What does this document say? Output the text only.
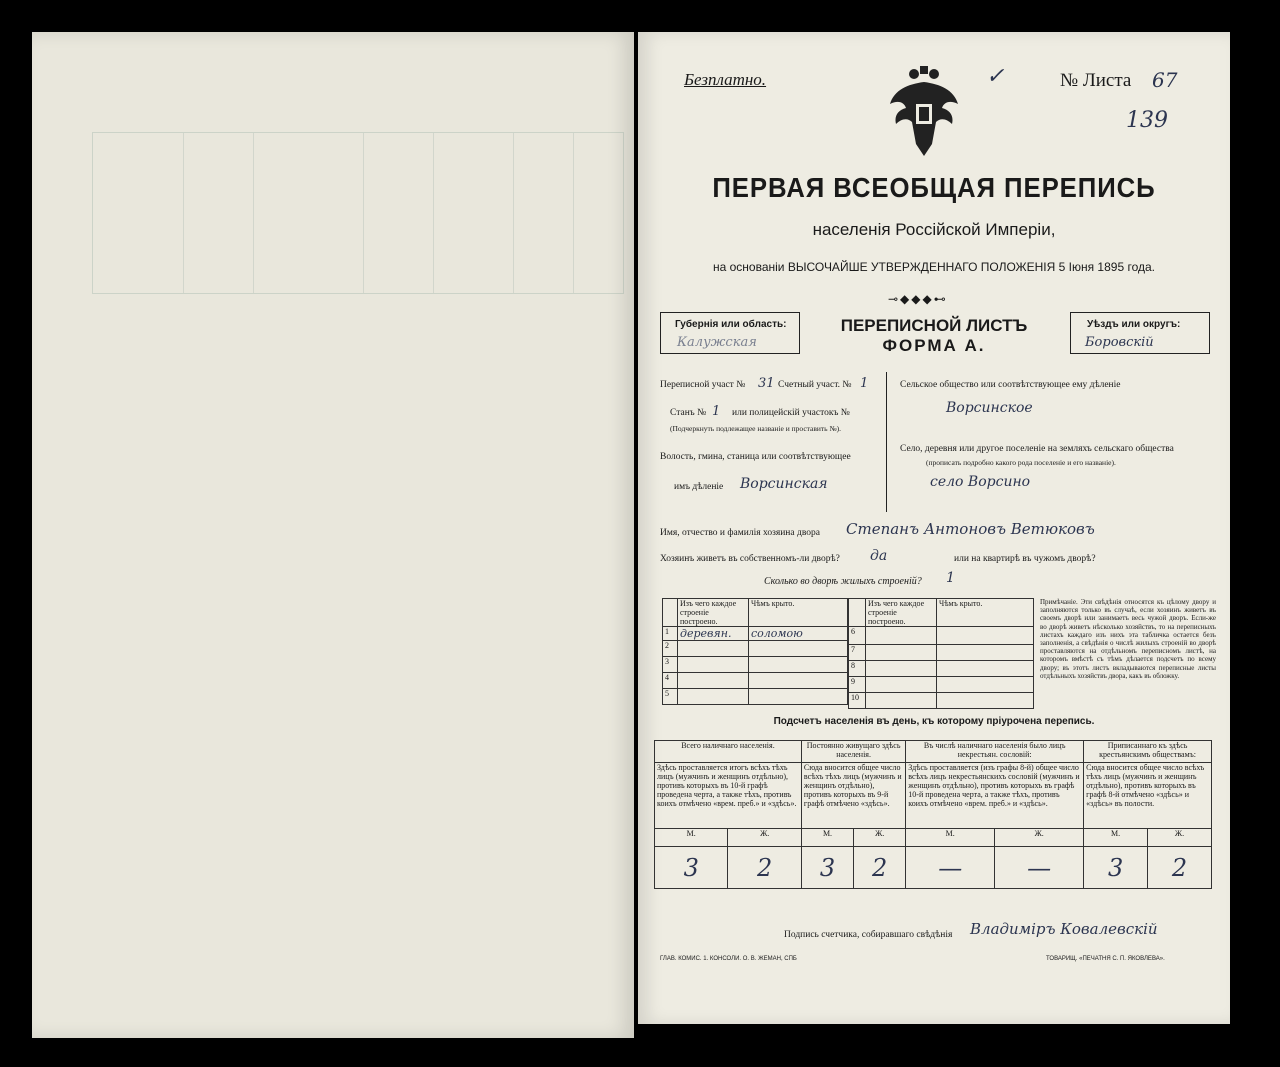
Безплатно.	✓	№ Листа 67
139
ПЕРВАЯ ВСЕОБЩАЯ ПЕРЕПИСЬ
населенія Россійской Имперіи,
на основаніи ВЫСОЧАЙШЕ УТВЕРЖДЕННАГО ПОЛОЖЕНІЯ 5 Іюня 1895 года.
⊸◆◆◆⊷
Губернія или область:
Калужская
ПЕРЕПИСНОЙ ЛИСТЪ
ФОРМА А.
Уѣздъ или округъ:
Боровскій
Переписной участ № 31 Счетный участ. № 1
Станъ № 1 или полицейскій участокъ №
(Подчеркнуть подлежащее названіе и проставить №).
Волость, гмина, станица или соотвѣтствующее
имъ дѣленіе Ворсинская
Сельское общество или соотвѣтствующее ему дѣленіе
Ворсинское
Село, деревня или другое поселеніе на земляхъ сельскаго общества
(прописать подробно какого рода поселеніе и его названіе).
село Ворсино
Имя, отчество и фамилія хозяина двора Степанъ Антоновъ Ветюковъ
Хозяинъ живетъ въ собственномъ-ли дворѣ? да	или на квартирѣ въ чужомъ дворѣ?
Сколько во дворѣ жилыхъ строеній? 1
	Изъ чего каждое строеніе построено.	Чѣмъ крыто.
1	деревян.	соломою
2		
3		
4		
5		
	Изъ чего каждое строеніе построено.	Чѣмъ крыто.
6		
7		
8		
9		
10		
Примѣчаніе. Эти свѣдѣнія относятся къ цѣлому двору и заполняются только въ случаѣ, если хозяинъ живетъ въ своемъ дворѣ или занимаетъ весь чужой дворъ. Если-же во дворѣ живетъ нѣсколько хозяйствъ, то на переписныхъ листахъ каждаго изъ нихъ эта табличка остается безъ заполненія, а свѣдѣнія о числѣ жилыхъ строеній во дворѣ проставляются на отдѣльномъ переписномъ листѣ, на которомъ вмѣстѣ съ тѣмъ дѣлается подсчетъ по всему двору; въ этотъ листъ вкладываются переписные листы отдѣльныхъ хозяйствъ двора, какъ въ обложку.
Подсчетъ населенія въ день, къ которому пріурочена перепись.
Всего наличнаго населенія.		Постоянно живущаго здѣсь населенія.		Въ числѣ наличнаго населенія было лицъ некрестьян. сословій:		Приписаннаго къ здѣсь крестьянскимъ обществамъ:	
Здѣсь проставляется итогъ всѣхъ тѣхъ лицъ (мужчинъ и женщинъ отдѣльно), противъ которыхъ въ 10-й графѣ проведена черта, а также тѣхъ, противъ коихъ отмѣчено «врем. преб.» и «здѣсь».		Сюда вносится общее число всѣхъ тѣхъ лицъ (мужчинъ и женщинъ отдѣльно), противъ которыхъ въ 9-й графѣ отмѣчено «здѣсь».		Здѣсь проставляется (изъ графы 8-й) общее число всѣхъ лицъ некрестьянскихъ сословій (мужчинъ и женщинъ отдѣльно), противъ которыхъ въ графѣ 10-й проведена черта, а также тѣхъ, противъ коихъ отмѣчено «врем. преб.» и «здѣсь».		Сюда вносится общее число всѣхъ тѣхъ лицъ (мужчинъ и женщинъ отдѣльно), противъ которыхъ въ графѣ 8-й отмѣчено «здѣсь» и «здѣсь» въ полости.	
М.	Ж.	М.	Ж.	М.	Ж.	М.	Ж.
3	2	3	2	—	—	3	2
Подпись счетчика, собиравшаго свѣдѣнія Владиміръ Ковалевскій
ГЛАВ. КОМИС. 1. КОНСОЛИ. О. В. ЖЕМАН, СПБ	ТОВАРИЩ. «ПЕЧАТНЯ С. П. ЯКОВЛЕВА».
